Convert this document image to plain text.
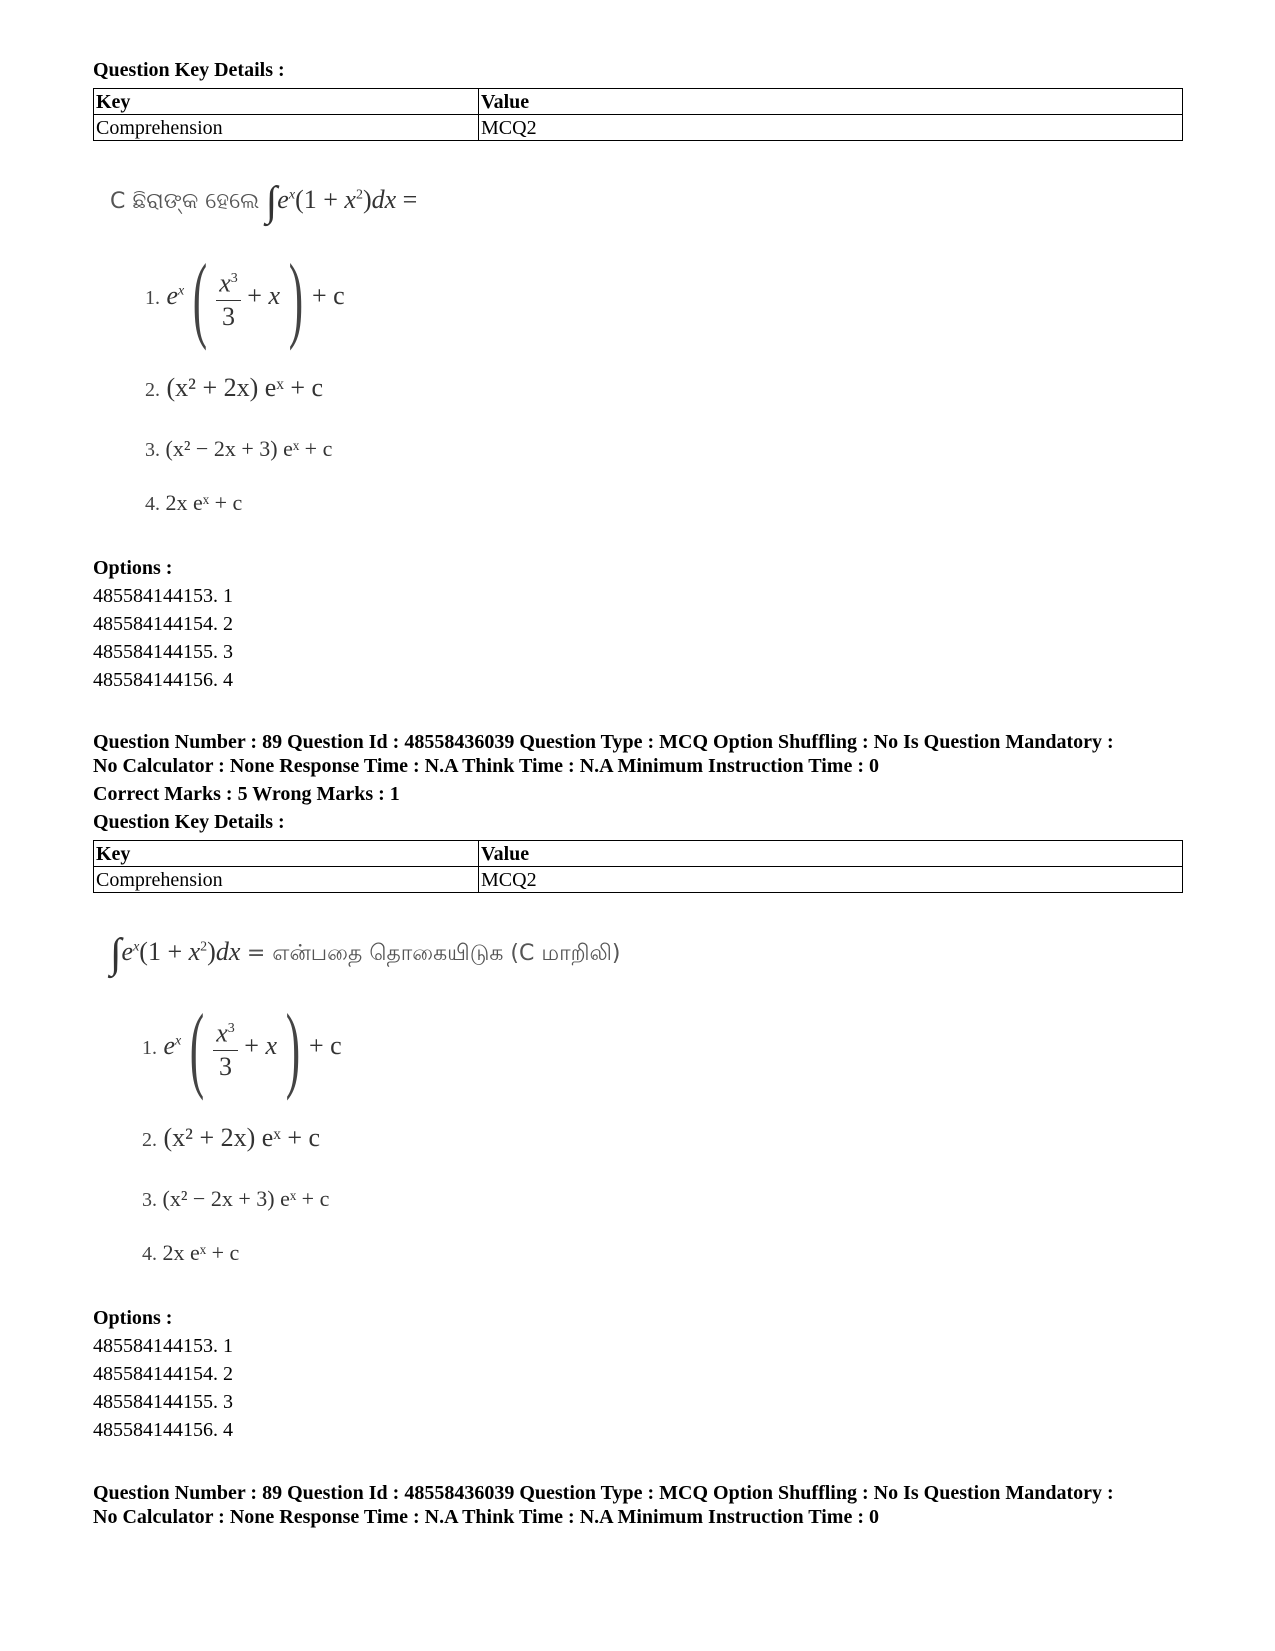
Question Key Details :
Key	Value
Comprehension	MCQ2
C ଛିରାଙ୍କ ହେଲେ $\int e^x(1 + x^2)dx$ =
1. $e^x( \frac{x^3}{3} + x) + c$
2. (x² + 2x) eˣ + c
3. (x² − 2x + 3) eˣ + c
4. 2x eˣ + c
Options :
485584144153. 1
485584144154. 2
485584144155. 3
485584144156. 4
Question Number : 89 Question Id : 48558436039 Question Type : MCQ Option Shuffling : No Is Question Mandatory :
No Calculator : None Response Time : N.A Think Time : N.A Minimum Instruction Time : 0
Correct Marks : 5 Wrong Marks : 1
Question Key Details :
Key	Value
Comprehension	MCQ2
$\int e^x(1 + x^2)dx$ = என்பதை தொகையிடுக (C மாறிலி)
1. $e^x( \frac{x^3}{3} + x) + c$
2. (x² + 2x) eˣ + c
3. (x² − 2x + 3) eˣ + c
4. 2x eˣ + c
Options :
485584144153. 1
485584144154. 2
485584144155. 3
485584144156. 4
Question Number : 89 Question Id : 48558436039 Question Type : MCQ Option Shuffling : No Is Question Mandatory :
No Calculator : None Response Time : N.A Think Time : N.A Minimum Instruction Time : 0
